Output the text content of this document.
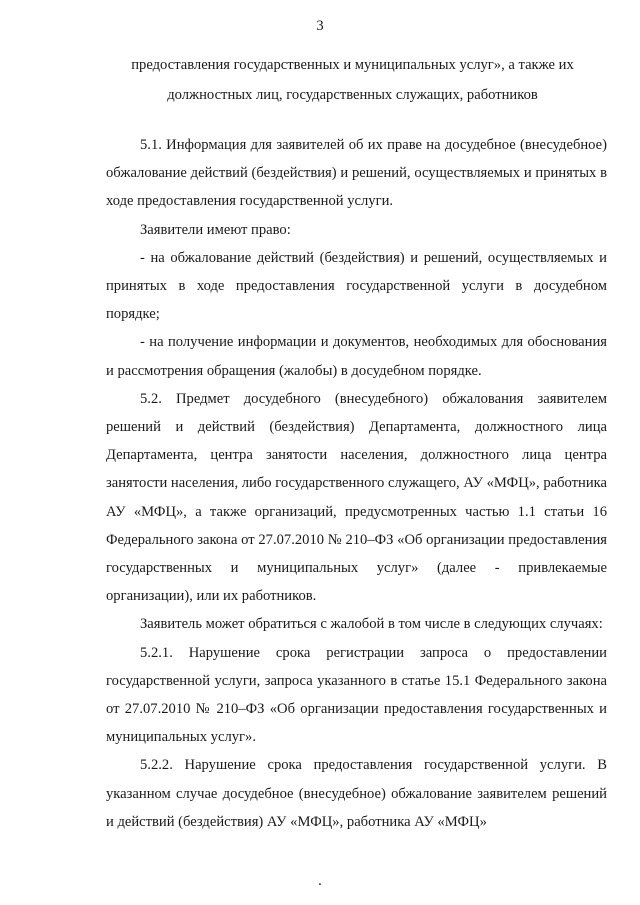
3

предоставления государственных и муниципальных услуг», а также их

должностных лиц, государственных служащих, работников

5.1. Информация для заявителей об их праве на досудебное (внесудебное) обжалование действий (бездействия) и решений, осуществляемых и принятых в ходе предоставления государственной услуги.

Заявители имеют право:

- на обжалование действий (бездействия) и решений, осуществляемых и принятых в ходе предоставления государственной услуги в досудебном порядке;

- на получение информации и документов, необходимых для обоснования и рассмотрения обращения (жалобы) в досудебном порядке.

5.2. Предмет досудебного (внесудебного) обжалования заявителем решений и действий (бездействия) Департамента, должностного лица Департамента, центра занятости населения, должностного лица центра занятости населения, либо государственного служащего, АУ «МФЦ», работника АУ «МФЦ», а также организаций, предусмотренных частью 1.1 статьи 16 Федерального закона от 27.07.2010 № 210–ФЗ «Об организации предоставления государственных и муниципальных услуг» (далее - привлекаемые организации), или их работников.

Заявитель может обратиться с жалобой в том числе в следующих случаях:

5.2.1. Нарушение срока регистрации запроса о предоставлении государственной услуги, запроса указанного в статье 15.1 Федерального закона от 27.07.2010 № 210–ФЗ «Об организации предоставления государственных и муниципальных услуг».

5.2.2. Нарушение срока предоставления государственной услуги. В указанном случае досудебное (внесудебное) обжалование заявителем решений и действий (бездействия) АУ «МФЦ», работника АУ «МФЦ»

.
